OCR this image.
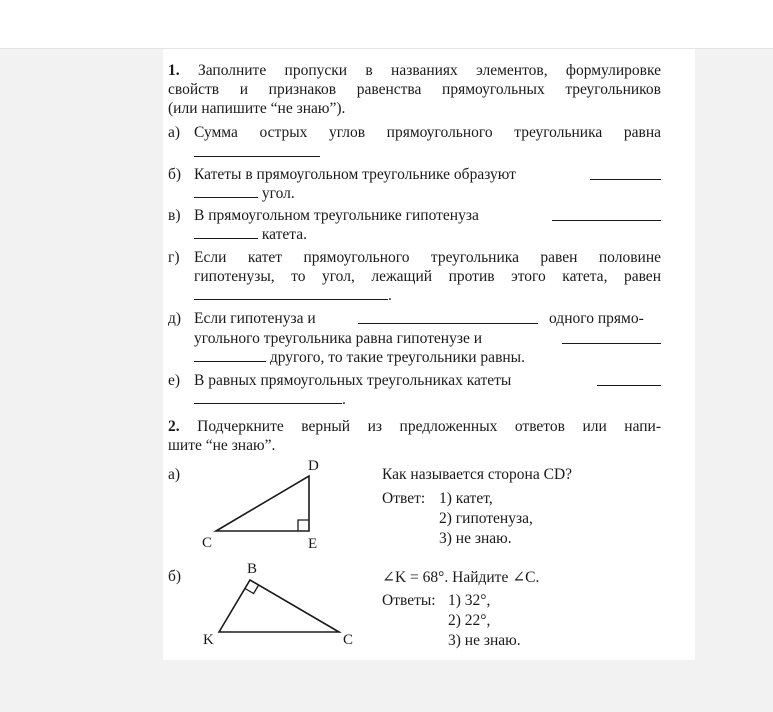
1. Заполните пропуски в названиях элементов, формулировке
свойств и признаков равенства прямоугольных треугольников
(или напишите “не знаю”).
а) Сумма острых углов прямоугольного треугольника равна
б) Катеты в прямоугольном треугольнике образуют
угол.
в) В прямоугольном треугольнике гипотенуза
катета.
г) Если катет прямоугольного треугольника равен половине
гипотенузы, то угол, лежащий против этого катета, равен
.
д) Если гипотенуза и	одного прямо-
угольного треугольника равна гипотенузе и
другого, то такие треугольники равны.
е) В равных прямоугольных треугольниках катеты
.
2. Подчеркните верный из предложенных ответов или напи-
шите “не знаю”.
а)	D
C	E
Как называется сторона CD?
Ответ: 1) катет,
2) гипотенуза,
3) не знаю.
б)	B
K	C
∠K = 68°. Найдите ∠C.
Ответы: 1) 32°,
2) 22°,
3) не знаю.
